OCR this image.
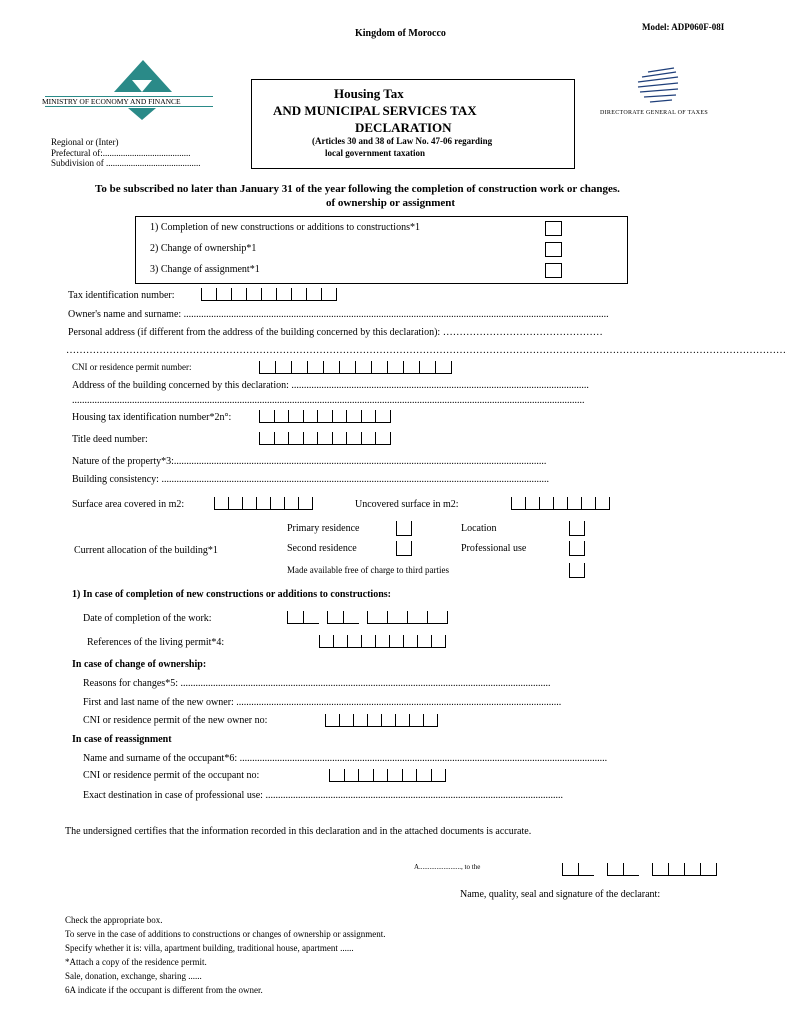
Kingdom of Morocco
Model: ADP060F-08I
MINISTRY OF ECONOMY AND FINANCE
Housing Tax
AND MUNICIPAL SERVICES TAX
DECLARATION
(Articles 30 and 38 of Law No. 47-06 regarding
local government taxation
DIRECTORATE GENERAL OF TAXES
Regional or (Inter)
Prefectural of:.......................................
Subdivision of ..........................................
To be subscribed no later than January 31 of the year following the completion of construction work or changes.
of ownership or assignment
1) Completion of new constructions or additions to constructions*1
2) Change of ownership*1
3) Change of assignment*1
Tax identification number:
Owner's name and surname: ..........................................................................................................................................................................
Personal address (if different from the address of the building concerned by this declaration): …………………………………………
………………………………………………………………………………………………………………………………………………………………………………………………
CNI or residence permit number:
Address of the building concerned by this declaration: .......................................................................................................................
.............................................................................................................................................................................................................
Housing tax identification number*2n°:
Title deed number:
Nature of the property*3:.....................................................................................................................................................
Building consistency: ...........................................................................................................................................................
Surface area covered in m2:	Uncovered surface in m2:
Primary residence	Location
Current allocation of the building*1	Second residence	Professional use
Made available free of charge to third parties
1) In case of completion of new constructions or additions to constructions:
Date of completion of the work:
References of the living permit*4:
In case of change of ownership:
Reasons for changes*5: ....................................................................................................................................................
First and last name of the new owner: ..................................................................................................................................
CNI or residence permit of the new owner no:
In case of reassignment
Name and surname of the occupant*6: ...................................................................................................................................................
CNI or residence permit of the occupant no:
Exact destination in case of professional use: .......................................................................................................................
The undersigned certifies that the information recorded in this declaration and in the attached documents is accurate.
A........................, to the
Name, quality, seal and signature of the declarant:
Check the appropriate box.
To serve in the case of additions to constructions or changes of ownership or assignment.
Specify whether it is: villa, apartment building, traditional house, apartment ......
*Attach a copy of the residence permit.
Sale, donation, exchange, sharing ......
6A indicate if the occupant is different from the owner.
